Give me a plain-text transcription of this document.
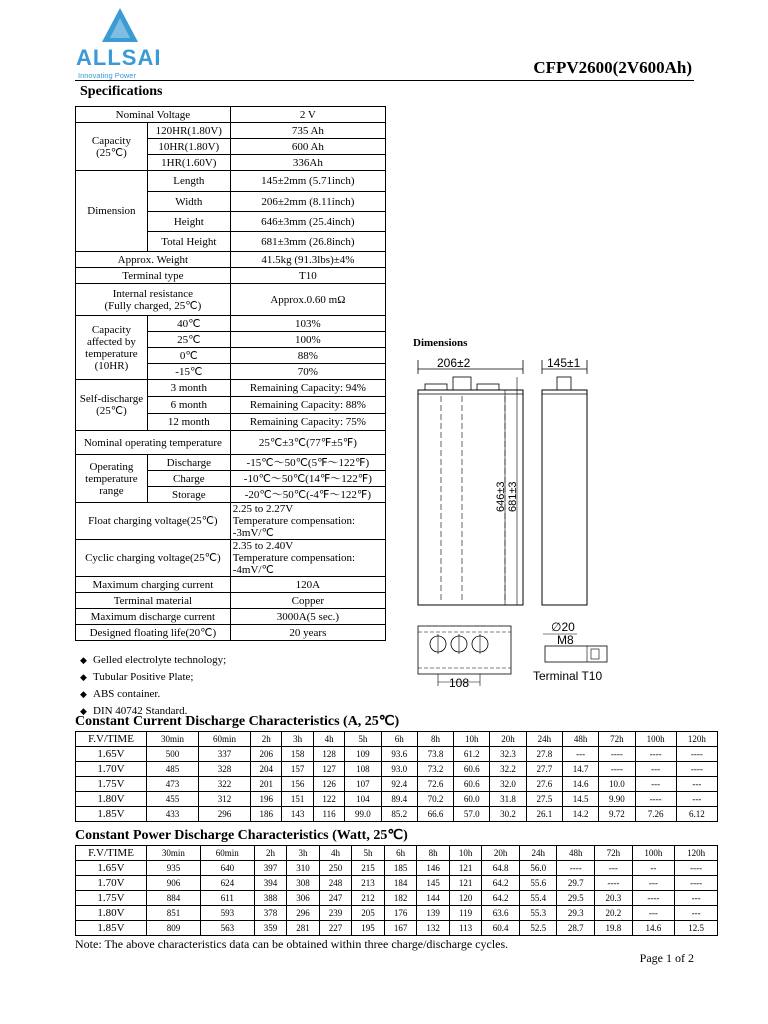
ALLSAI
Innovating Power	CFPV2600(2V600Ah)
Specifications
Nominal Voltage		2 V
Capacity (25℃)	120HR(1.80V)	735 Ah
	10HR(1.80V)	600 Ah
	1HR(1.60V)	336Ah
Dimension	Length	145±2mm (5.71inch)
	Width	206±2mm (8.11inch)
	Height	646±3mm (25.4inch)
	Total Height	681±3mm (26.8inch)
Approx. Weight		41.5kg (91.3lbs)±4%
Terminal type		T10
Internal resistance
(Fully charged, 25℃)		Approx.0.60 mΩ
Capacity affected by temperature (10HR)	40℃	103%
	25℃	100%
	0℃	88%
	-15℃	70%
Self-discharge (25℃)	3 month	Remaining Capacity: 94%
	6 month	Remaining Capacity: 88%
	12 month	Remaining Capacity: 75%
Nominal operating temperature		25℃±3℃(77℉±5℉)
Operating temperature range	Discharge	-15℃～50℃(5℉～122℉)
	Charge	-10℃～50℃(14℉～122℉)
	Storage	-20℃～50℃(-4℉～122℉)
Float charging voltage(25℃)		2.25 to 2.27V
Temperature compensation:
-3mV/℃
Cyclic charging voltage(25℃)		2.35 to 2.40V
Temperature compensation:
-4mV/℃
Maximum charging current		120A
Terminal material		Copper
Maximum discharge current		3000A(5 sec.)
Designed floating life(20℃)		20 years
◆ Gelled electrolyte technology;
◆ Tubular Positive Plate;
◆ ABS container.
◆ DIN 40742 Standard.
Dimensions
206±2	145±1
646±3 681±3
108
∅20
M8
Terminal T10
Constant Current Discharge Characteristics (A, 25℃)
F.V/TIME	30min	60min	2h	3h	4h	5h	6h	8h	10h	20h	24h	48h	72h	100h	120h
1.65V	500	337	206	158	128	109	93.6	73.8	61.2	32.3	27.8	---	----	----	----
1.70V	485	328	204	157	127	108	93.0	73.2	60.6	32.2	27.7	14.7	----	---	----
1.75V	473	322	201	156	126	107	92.4	72.6	60.6	32.0	27.6	14.6	10.0	---	---
1.80V	455	312	196	151	122	104	89.4	70.2	60.0	31.8	27.5	14.5	9.90	----	---
1.85V	433	296	186	143	116	99.0	85.2	66.6	57.0	30.2	26.1	14.2	9.72	7.26	6.12
Constant Power Discharge Characteristics (Watt, 25℃)
F.V/TIME	30min	60min	2h	3h	4h	5h	6h	8h	10h	20h	24h	48h	72h	100h	120h
1.65V	935	640	397	310	250	215	185	146	121	64.8	56.0	----	---	--	----
1.70V	906	624	394	308	248	213	184	145	121	64.2	55.6	29.7	----	---	----
1.75V	884	611	388	306	247	212	182	144	120	64.2	55.4	29.5	20.3	----	---
1.80V	851	593	378	296	239	205	176	139	119	63.6	55.3	29.3	20.2	---	---
1.85V	809	563	359	281	227	195	167	132	113	60.4	52.5	28.7	19.8	14.6	12.5
Note: The above characteristics data can be obtained within three charge/discharge cycles.
Page 1 of 2
